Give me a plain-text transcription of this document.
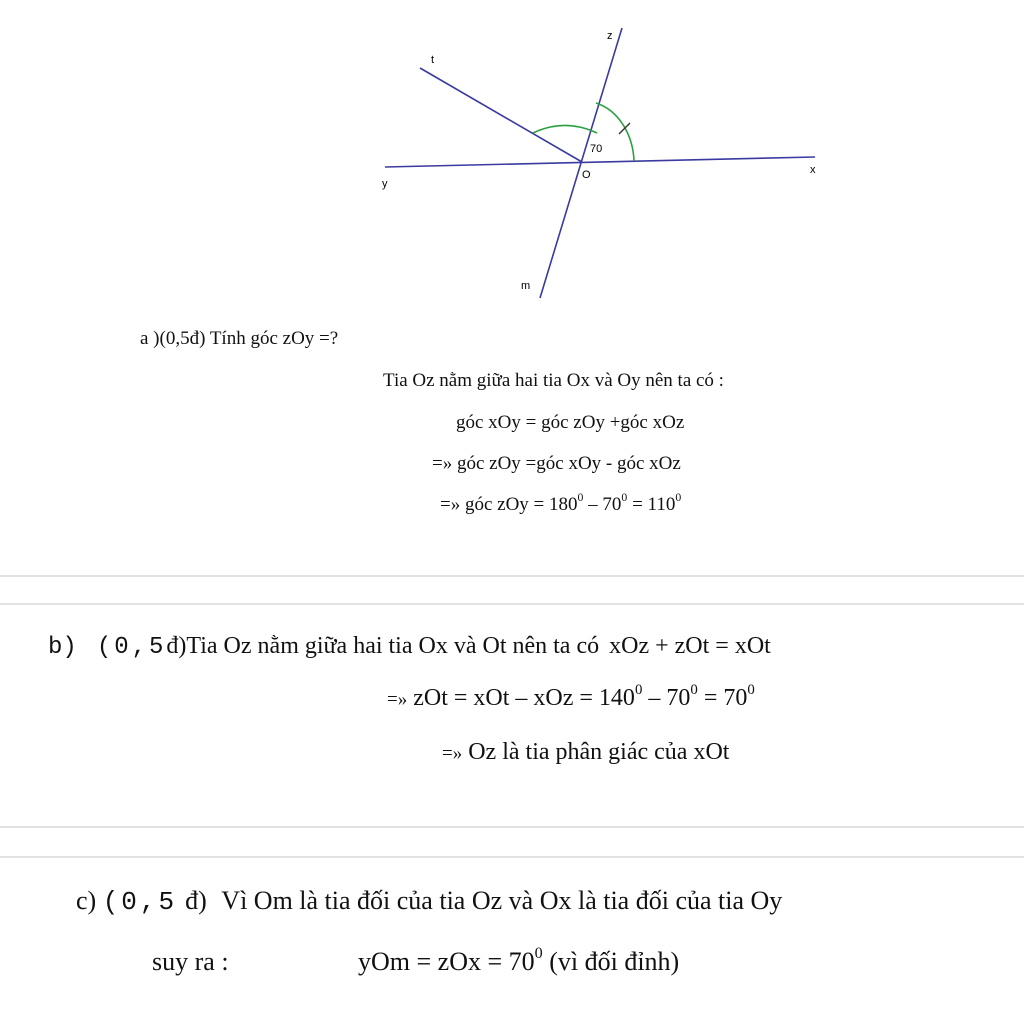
t
z
y
x
O
m
70
a )(0,5đ) Tính góc zOy =?
Tia Oz nằm giữa hai tia Ox và Oy nên ta có :
góc xOy = góc zOy +góc xOz
=» góc zOy =góc xOy - góc xOz
=» góc zOy = $180^0 - 70^0 = 110^0$
b) (0,5đ)Tia Oz nằm giữa hai tia Ox và Ot nên ta có xOz + zOt = xOt
=» zOt = xOt – xOz = $140^0 - 70^0 = 70^0$
=» Oz là tia phân giác của xOt
c) (0,5 đ) Vì Om là tia đối của tia Oz và Ox là tia đối của tia Oy
suy ra :	yOm = zOx = $70^0$ (vì đối đỉnh)
